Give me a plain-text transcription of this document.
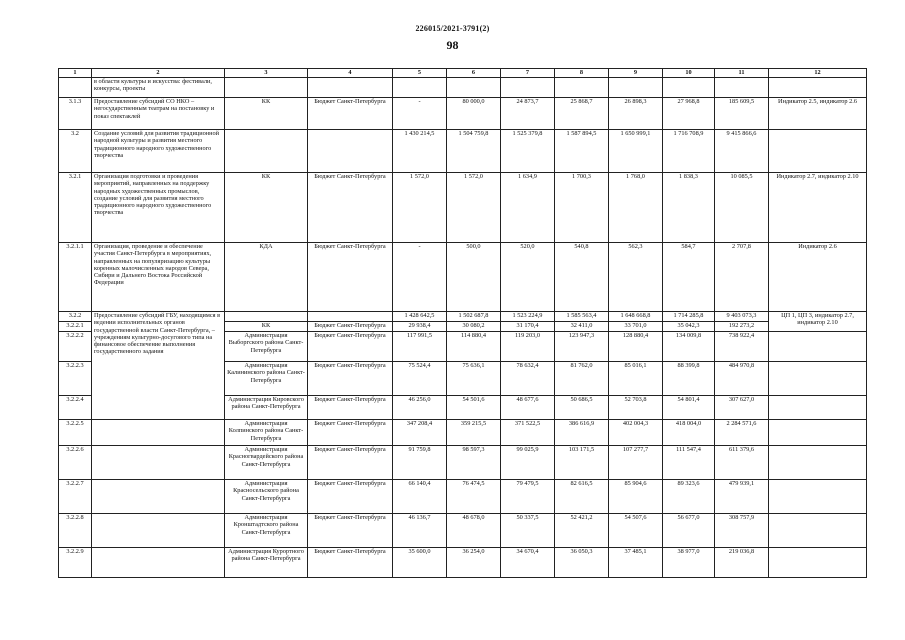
226015/2021-3791(2)
98
1	2	3	4	5	6	7	8	9	10	11	12
	в области культуры и искусства: фестивали, конкурсы, проекты										
3.1.3	Предоставление субсидий СО НКО – негосударственным театрам на постановку и показ спектаклей	КК	Бюджет Санкт-Петербурга	-	80 000,0	24 873,7	25 868,7	26 898,3	27 968,8	185 609,5	Индикатор 2.5, индикатор 2.6
3.2	Создание условий для развития традиционной народной культуры и развития местного традиционного народного художественного творчества			1 430 214,5	1 504 759,8	1 525 379,8	1 587 894,5	1 650 999,1	1 716 708,9	9 415 866,6	
3.2.1	Организация подготовки и проведения мероприятий, направленных на поддержку народных художественных промыслов, создание условий для развития местного традиционного народного художественного творчества	КК	Бюджет Санкт-Петербурга	1 572,0	1 572,0	1 634,9	1 700,3	1 768,0	1 838,3	10 085,5	Индикатор 2.7, индикатор 2.10
3.2.1.1	Организация, проведение и обеспечение участия Санкт-Петербурга в мероприятиях, направленных на популяризацию культуры коренных малочисленных народов Севера, Сибири и Дальнего Востока Российской Федерации	КДА	Бюджет Санкт-Петербурга	-	500,0	520,0	540,8	562,3	584,7	2 707,8	Индикатор 2.6
3.2.2	Предоставление субсидий ГБУ, находящимся в ведении исполнительных органов государственной власти Санкт-Петербурга, – учреждениям культурно-досугового типа на финансовое обеспечение выполнения государственного задания			1 428 642,5	1 502 687,8	1 523 224,9	1 585 563,4	1 648 668,8	1 714 285,8	9 403 073,3	ЦП 1, ЦП 3, индикатор 2.7, индикатор 2.10
3.2.2.1		КК	Бюджет Санкт-Петербурга	29 938,4	30 080,2	31 170,4	32 411,0	33 701,0	35 042,3	192 273,2	
3.2.2.2		Администрация Выборгского района Санкт-Петербурга	Бюджет Санкт-Петербурга	117 991,5	114 880,4	119 203,0	123 947,3	128 880,4	134 009,8	738 922,4	
3.2.2.3		Администрация Калининского района Санкт-Петербурга	Бюджет Санкт-Петербурга	75 524,4	75 636,1	78 632,4	81 762,0	85 016,1	88 399,8	484 970,8	
3.2.2.4		Администрация Кировского района Санкт-Петербурга	Бюджет Санкт-Петербурга	46 256,0	54 501,6	48 677,6	50 686,5	52 703,8	54 801,4	307 627,0	
3.2.2.5		Администрация Колпинского района Санкт-Петербурга	Бюджет Санкт-Петербурга	347 208,4	359 215,5	371 522,5	386 616,9	402 004,3	418 004,0	2 284 571,6	
3.2.2.6		Администрация Красногвардейского района Санкт-Петербурга	Бюджет Санкт-Петербурга	91 759,8	98 597,3	99 025,9	103 171,5	107 277,7	111 547,4	611 379,6	
3.2.2.7		Администрация Красносельского района Санкт-Петербурга	Бюджет Санкт-Петербурга	66 140,4	76 474,5	79 479,5	82 616,5	85 904,6	89 323,6	479 939,1	
3.2.2.8		Администрация Кронштадтского района Санкт-Петербурга	Бюджет Санкт-Петербурга	46 136,7	48 678,0	50 337,5	52 421,2	54 507,6	56 677,0	308 757,9	
3.2.2.9		Администрация Курортного района Санкт-Петербурга	Бюджет Санкт-Петербурга	35 600,0	36 254,0	34 670,4	36 050,3	37 485,1	38 977,0	219 036,8	
